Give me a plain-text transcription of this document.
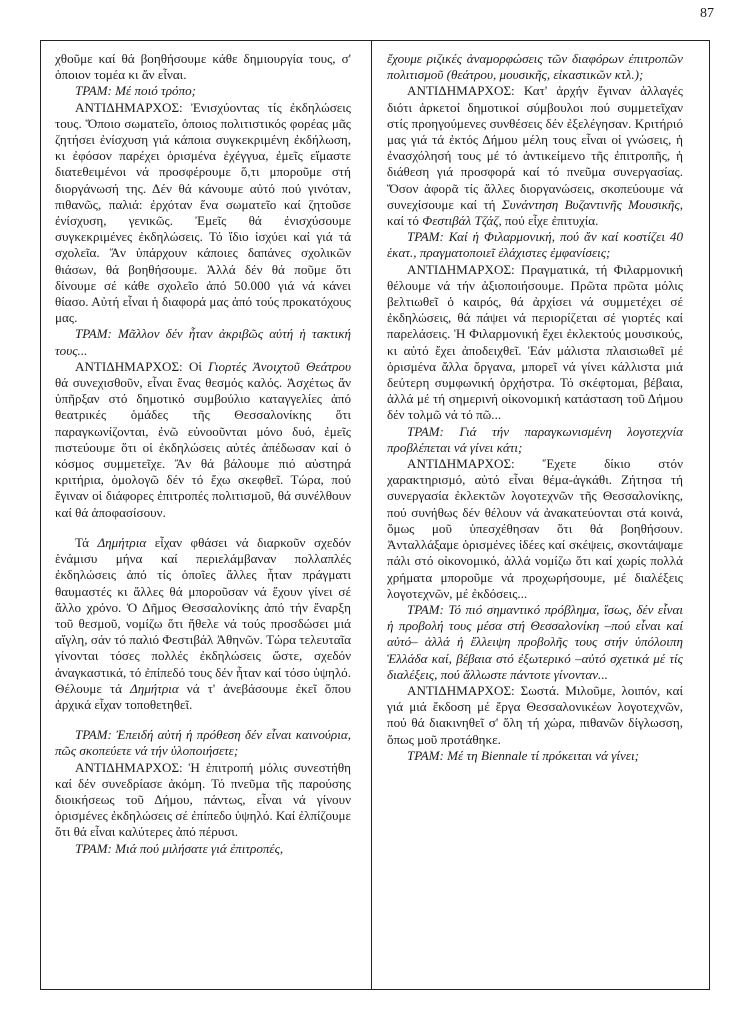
87

χθοῦμε καί θά βοηθήσουμε κάθε δημιουργία τους, σ' ὁποιον τομέα κι ἄν εἶναι.

ΤΡΑΜ: Μέ ποιό τρόπο;

ΑΝΤΙΔΗΜΑΡΧΟΣ: Ἐνισχύοντας τίς ἐκδηλώσεις τους. Ὅποιο σωματεῖο, ὁποιος πολιτιστικός φορέας μᾶς ζητήσει ἐνίσχυση γιά κάποια συγκεκριμένη ἐκδήλωση, κι ἐφόσον παρέχει ὁρισμένα ἐχέγγυα, ἐμεῖς εἴμαστε διατεθειμένοι νά προσφέρουμε ὅ,τι μποροῦμε στή διοργάνωσή της. Δέν θά κάνουμε αὐτό πού γινόταν, πιθανῶς, παλιά: ἐρχόταν ἕνα σωματεῖο καί ζητοῦσε ἐνίσχυση, γενικῶς. Ἐμεῖς θά ἐνισχύσουμε συγκεκριμένες ἐκδηλώσεις. Τό ἴδιο ἰσχύει καί γιά τά σχολεῖα. Ἄν ὑπάρχουν κάποιες δαπάνες σχολικῶν θιάσων, θά βοηθήσουμε. Ἀλλά δέν θά ποῦμε ὅτι δίνουμε σέ κάθε σχολεῖο ἀπό 50.000 γιά νά κάνει θίασο. Αὐτή εἶναι ἡ διαφορά μας ἀπό τούς προκατόχους μας.

ΤΡΑΜ: Μᾶλλον δέν ἦταν ἀκριβῶς αὐτή ἡ τακτική τους...

ΑΝΤΙΔΗΜΑΡΧΟΣ: Οἱ Γιορτές Ἀνοιχτοῦ Θεάτρου θά συνεχισθοῦν, εἶναι ἕνας θεσμός καλός. Ἀσχέτως ἄν ὑπῆρξαν στό δημοτικό συμβούλιο καταγγελίες ἀπό θεατρικές ὁμάδες τῆς Θεσσαλονίκης ὅτι παραγκωνίζονται, ἐνῶ εὐνοοῦνται μόνο δυό, ἐμεῖς πιστεύουμε ὅτι οἱ ἐκδηλώσεις αὐτές ἀπέδωσαν καί ὁ κόσμος συμμετεῖχε. Ἄν θά βάλουμε πιό αὐστηρά κριτήρια, ὁμολογῶ δέν τό ἔχω σκεφθεῖ. Τώρα, πού ἔγιναν οἱ διάφορες ἐπιτροπές πολιτισμοῦ, θά συνέλθουν καί θά ἀποφασίσουν.

Τά Δημήτρια εἶχαν φθάσει νά διαρκοῦν σχεδόν ἑνάμισυ μήνα καί περιελάμβαναν πολλαπλές ἐκδηλώσεις ἀπό τίς ὁποῖες ἄλλες ἦταν πράγματι θαυμαστές κι ἄλλες θά μποροῦσαν νά ἔχουν γίνει σέ ἄλλο χρόνο. Ὁ Δῆμος Θεσσαλονίκης ἀπό τήν ἔναρξη τοῦ θεσμοῦ, νομίζω ὅτι ἤθελε νά τούς προσδώσει μιά αἴγλη, σάν τό παλιό Φεστιβάλ Ἀθηνῶν. Τώρα τελευταῖα γίνονται τόσες πολλές ἐκδηλώσεις ὥστε, σχεδόν ἀναγκαστικά, τό ἐπίπεδό τους δέν ἦταν καί τόσο ὑψηλό. Θέλουμε τά Δημήτρια νά τ' ἀνεβάσουμε ἐκεῖ ὅπου ἀρχικά εἶχαν τοποθετηθεῖ.

ΤΡΑΜ: Ἐπειδή αὐτή ἡ πρόθεση δέν εἶναι καινούρια, πῶς σκοπεύετε νά τήν ὑλοποιήσετε;

ΑΝΤΙΔΗΜΑΡΧΟΣ: Ἡ ἐπιτροπή μόλις συνεστήθη καί δέν συνεδρίασε ἀκόμη. Τό πνεῦμα τῆς παρούσης διοικήσεως τοῦ Δήμου, πάντως, εἶναι νά γίνουν ὁρισμένες ἐκδηλώσεις σέ ἐπίπεδο ὑψηλό. Καί ἐλπίζουμε ὅτι θά εἶναι καλύτερες ἀπό πέρυσι.

ΤΡΑΜ: Μιά πού μιλήσατε γιά ἐπιτροπές,

ἔχουμε ριζικές ἀναμορφώσεις τῶν διαφόρων ἐπιτροπῶν πολιτισμοῦ (θεάτρου, μουσικῆς, εἰκαστικῶν κτλ.);

ΑΝΤΙΔΗΜΑΡΧΟΣ: Κατ' ἀρχήν ἔγιναν ἀλλαγές διότι ἀρκετοί δημοτικοί σύμβουλοι πού συμμετεῖχαν στίς προηγούμενες συνθέσεις δέν ἐξελέγησαν. Κριτήριό μας γιά τά ἐκτός Δήμου μέλη τους εἶναι οἱ γνώσεις, ἡ ἐνασχόλησή τους μέ τό ἀντικείμενο τῆς ἐπιτροπῆς, ἡ διάθεση γιά προσφορά καί τό πνεῦμα συνεργασίας. Ὅσον ἀφορᾶ τίς ἄλλες διοργανώσεις, σκοπεύουμε νά συνεχίσουμε καί τή Συνάντηση Βυζαντινῆς Μουσικῆς, καί τό Φεστιβάλ Τζάζ, πού εἶχε ἐπιτυχία.

ΤΡΑΜ: Καί ἡ Φιλαρμονική, πού ἄν καί κοστίζει 40 ἑκατ., πραγματοποιεῖ ἐλάχιστες ἐμφανίσεις;

ΑΝΤΙΔΗΜΑΡΧΟΣ: Πραγματικά, τή Φιλαρμονική θέλουμε νά τήν ἀξιοποιήσουμε. Πρῶτα πρῶτα μόλις βελτιωθεῖ ὁ καιρός, θά ἀρχίσει νά συμμετέχει σέ ἐκδηλώσεις, θά πάψει νά περιορίζεται σέ γιορτές καί παρελάσεις. Ἡ Φιλαρμονική ἔχει ἐκλεκτούς μουσικούς, κι αὐτό ἔχει ἀποδειχθεῖ. Ἐάν μάλιστα πλαισιωθεῖ μέ ὁρισμένα ἄλλα ὄργανα, μπορεῖ νά γίνει κάλλιστα μιά δεύτερη συμφωνική ὀρχήστρα. Τό σκέφτομαι, βέβαια, ἀλλά μέ τή σημερινή οἰκονομική κατάσταση τοῦ Δήμου δέν τολμῶ νά τό πῶ...

ΤΡΑΜ: Γιά τήν παραγκωνισμένη λογοτεχνία προβλέπεται νά γίνει κάτι;

ΑΝΤΙΔΗΜΑΡΧΟΣ: Ἔχετε δίκιο στόν χαρακτηρισμό, αὐτό εἶναι θέμα-ἀγκάθι. Ζήτησα τή συνεργασία ἐκλεκτῶν λογοτεχνῶν τῆς Θεσσαλονίκης, πού συνήθως δέν θέλουν νά ἀνακατεύονται στά κοινά, ὅμως μοῦ ὑπεσχέθησαν ὅτι θά βοηθήσουν. Ἀνταλλάξαμε ὁρισμένες ἰδέες καί σκέψεις, σκοντάψαμε πάλι στό οἰκονομικό, ἀλλά νομίζω ὅτι καί χωρίς πολλά χρήματα μποροῦμε νά προχωρήσουμε, μέ διαλέξεις λογοτεχνῶν, μέ ἐκδόσεις...

ΤΡΑΜ: Τό πιό σημαντικό πρόβλημα, ἴσως, δέν εἶναι ἡ προβολή τους μέσα στή Θεσσαλονίκη –πού εἶναι καί αὐτό– ἀλλά ἡ ἔλλειψη προβολῆς τους στήν ὑπόλοιπη Ἑλλάδα καί, βέβαια στό ἐξωτερικό –αὐτό σχετικά μέ τίς διαλέξεις, πού ἄλλωστε πάντοτε γίνονταν...

ΑΝΤΙΔΗΜΑΡΧΟΣ: Σωστά. Μιλοῦμε, λοιπόν, καί γιά μιά ἔκδοση μέ ἔργα Θεσσαλονικέων λογοτεχνῶν, πού θά διακινηθεῖ σ' ὅλη τή χώρα, πιθανῶν δίγλωσση, ὅπως μοῦ προτάθηκε.

ΤΡΑΜ: Μέ τη Biennale τί πρόκειται νά γίνει;
